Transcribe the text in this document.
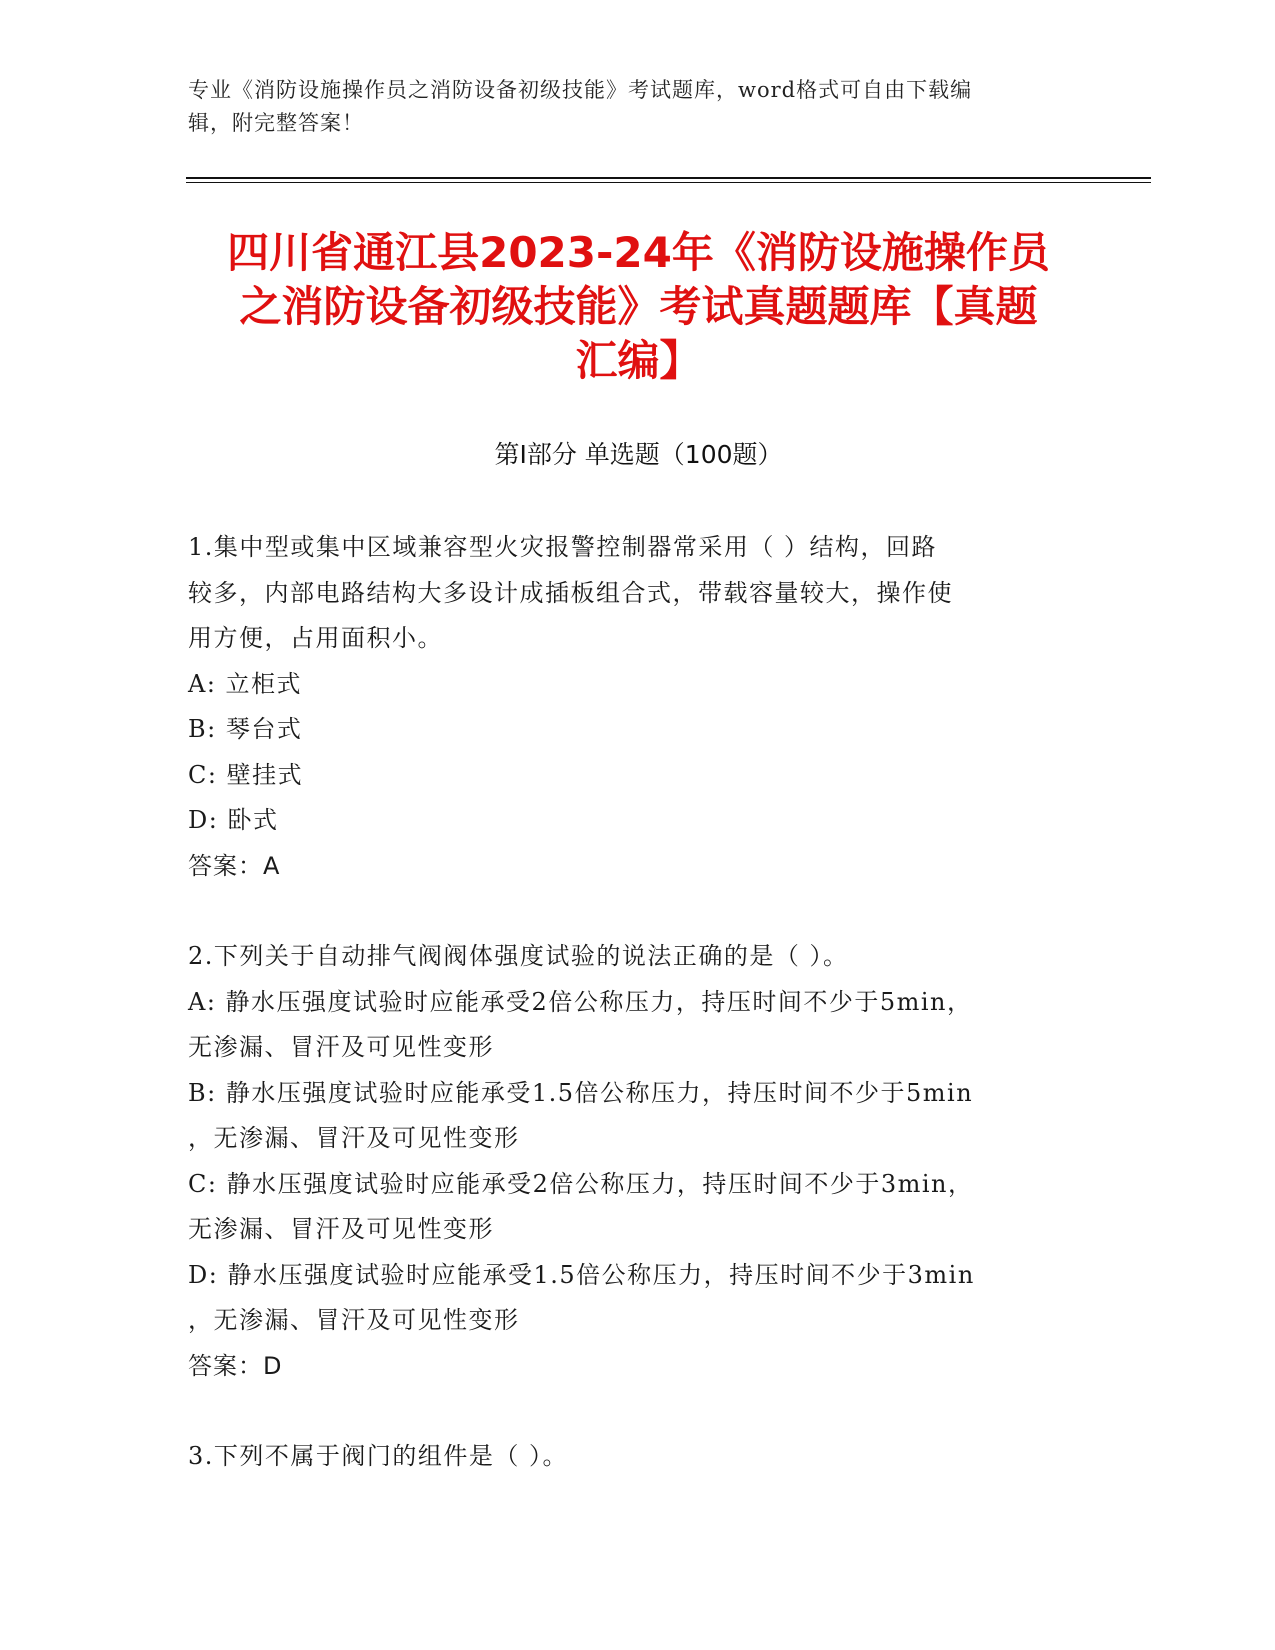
专业《消防设施操作员之消防设备初级技能》考试题库，word格式可自由下载编
辑，附完整答案！
四川省通江县2023-24年《消防设施操作员
之消防设备初级技能》考试真题题库【真题
汇编】
第Ⅰ部分 单选题（100题）
1.集中型或集中区域兼容型火灾报警控制器常采用（ ）结构，回路
较多，内部电路结构大多设计成插板组合式，带载容量较大，操作使
用方便，占用面积小。
A: 立柜式
B: 琴台式
C: 壁挂式
D: 卧式
答案：A
2.下列关于自动排气阀阀体强度试验的说法正确的是（ ）。
A: 静水压强度试验时应能承受2倍公称压力，持压时间不少于5min，
无渗漏、冒汗及可见性变形
B: 静水压强度试验时应能承受1.5倍公称压力，持压时间不少于5min
，无渗漏、冒汗及可见性变形
C: 静水压强度试验时应能承受2倍公称压力，持压时间不少于3min，
无渗漏、冒汗及可见性变形
D: 静水压强度试验时应能承受1.5倍公称压力，持压时间不少于3min
，无渗漏、冒汗及可见性变形
答案：D
3.下列不属于阀门的组件是（ ）。
